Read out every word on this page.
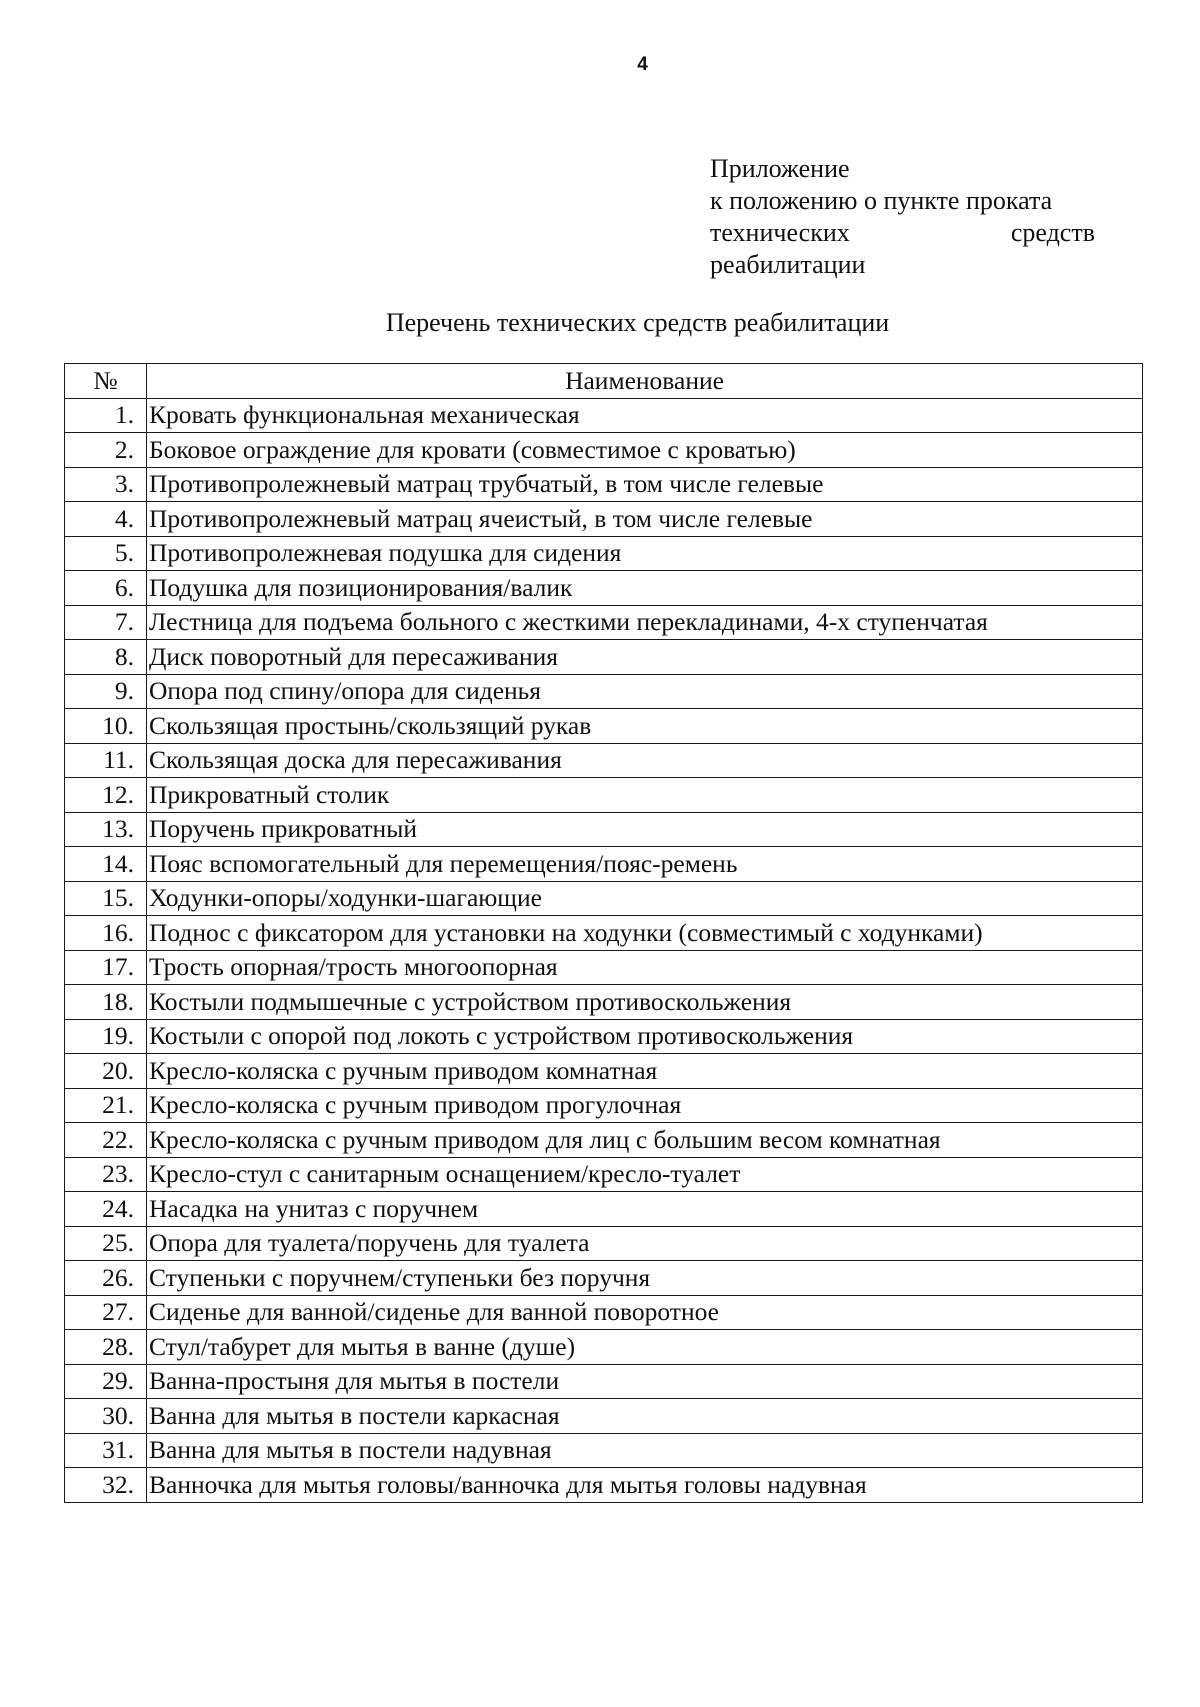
4
Приложение
к положению о пункте проката
технических	средств
реабилитации
Перечень технических средств реабилитации
№	Наименование
1.	Кровать функциональная механическая
2.	Боковое ограждение для кровати (совместимое с кроватью)
3.	Противопролежневый матрац трубчатый, в том числе гелевые
4.	Противопролежневый матрац ячеистый, в том числе гелевые
5.	Противопролежневая подушка для сидения
6.	Подушка для позиционирования/валик
7.	Лестница для подъема больного с жесткими перекладинами, 4-х ступенчатая
8.	Диск поворотный для пересаживания
9.	Опора под спину/опора для сиденья
10.	Скользящая простынь/скользящий рукав
11.	Скользящая доска для пересаживания
12.	Прикроватный столик
13.	Поручень прикроватный
14.	Пояс вспомогательный для перемещения/пояс-ремень
15.	Ходунки-опоры/ходунки-шагающие
16.	Поднос с фиксатором для установки на ходунки (совместимый с ходунками)
17.	Трость опорная/трость многоопорная
18.	Костыли подмышечные с устройством противоскольжения
19.	Костыли с опорой под локоть с устройством противоскольжения
20.	Кресло-коляска с ручным приводом комнатная
21.	Кресло-коляска с ручным приводом прогулочная
22.	Кресло-коляска с ручным приводом для лиц с большим весом комнатная
23.	Кресло-стул с санитарным оснащением/кресло-туалет
24.	Насадка на унитаз с поручнем
25.	Опора для туалета/поручень для туалета
26.	Ступеньки с поручнем/ступеньки без поручня
27.	Сиденье для ванной/сиденье для ванной поворотное
28.	Стул/табурет для мытья в ванне (душе)
29.	Ванна-простыня для мытья в постели
30.	Ванна для мытья в постели каркасная
31.	Ванна для мытья в постели надувная
32.	Ванночка для мытья головы/ванночка для мытья головы надувная
